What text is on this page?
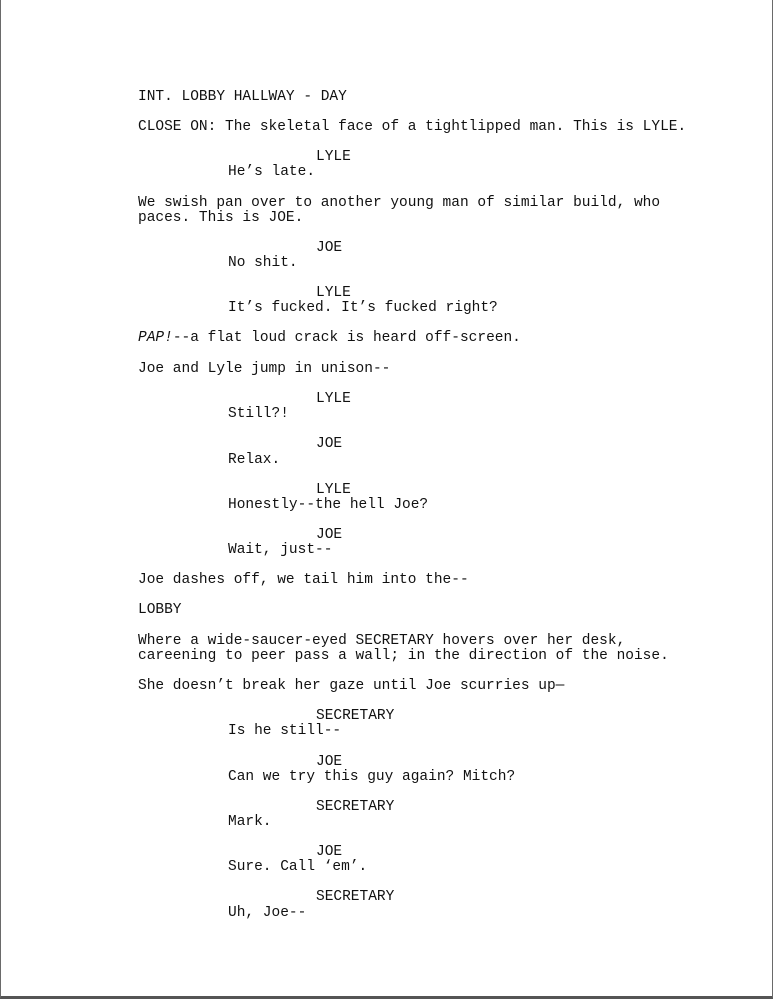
INT. LOBBY HALLWAY - DAY
CLOSE ON: The skeletal face of a tightlipped man. This is LYLE.
LYLE
He’s late.
We swish pan over to another young man of similar build, who
paces. This is JOE.
JOE
No shit.
LYLE
It’s fucked. It’s fucked right?
PAP!--a flat loud crack is heard off-screen.
Joe and Lyle jump in unison--
LYLE
Still?!
JOE
Relax.
LYLE
Honestly--the hell Joe?
JOE
Wait, just--
Joe dashes off, we tail him into the--
LOBBY
Where a wide-saucer-eyed SECRETARY hovers over her desk,
careening to peer pass a wall; in the direction of the noise.
She doesn’t break her gaze until Joe scurries up—
SECRETARY
Is he still--
JOE
Can we try this guy again? Mitch?
SECRETARY
Mark.
JOE
Sure. Call ‘em’.
SECRETARY
Uh, Joe--
